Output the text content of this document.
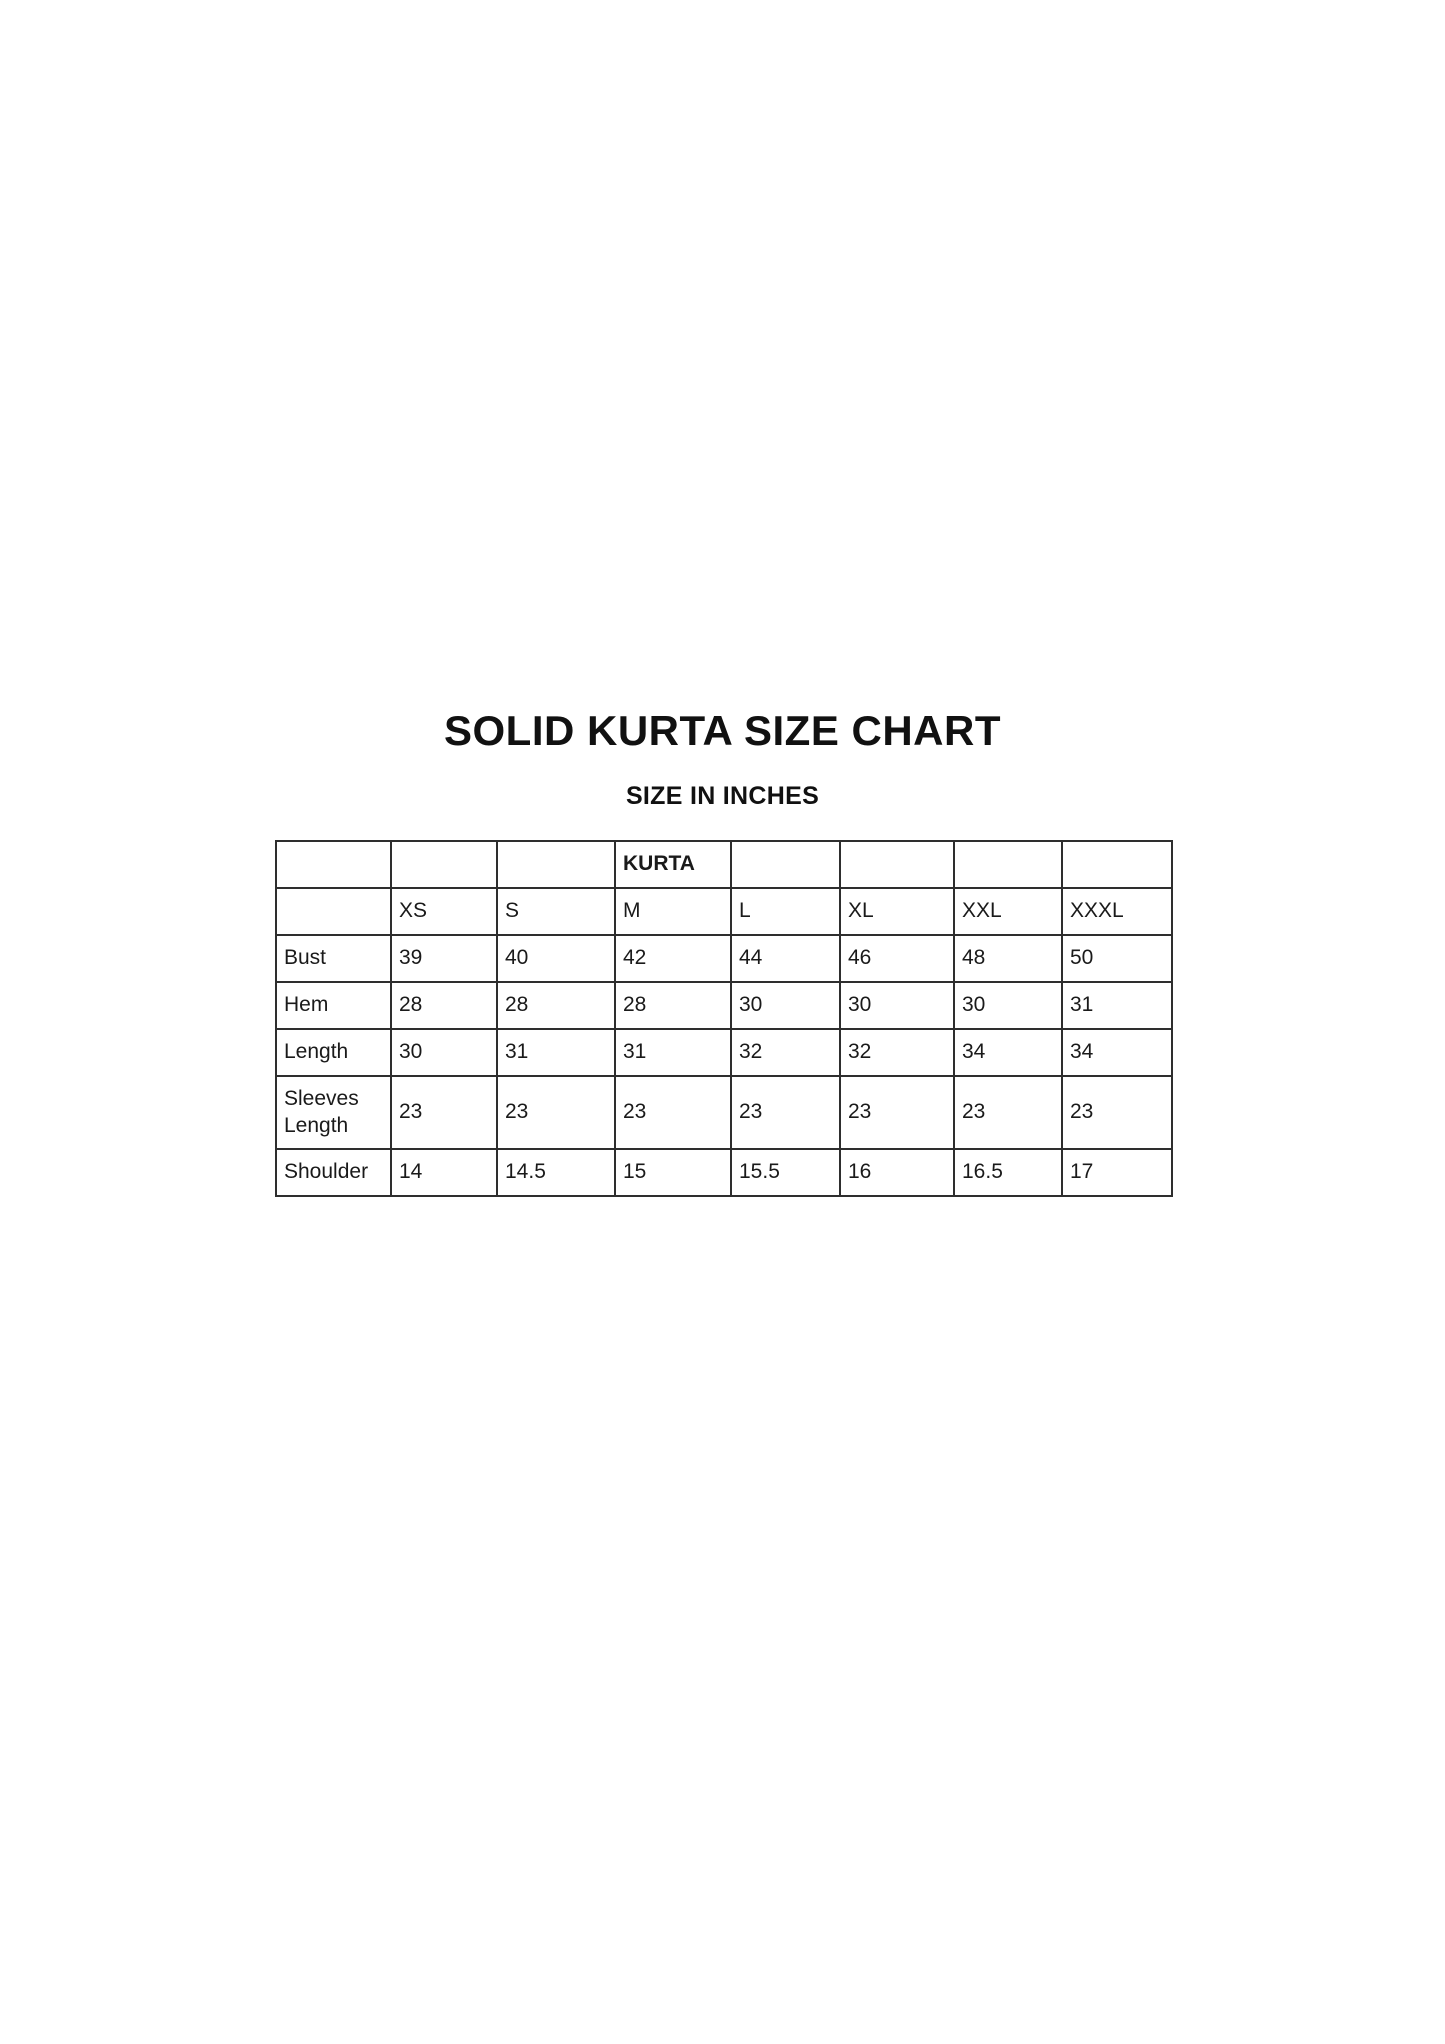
SOLID KURTA SIZE CHART
SIZE IN INCHES
			KURTA				
	XS	S	M	L	XL	XXL	XXXL
Bust	39	40	42	44	46	48	50
Hem	28	28	28	30	30	30	31
Length	30	31	31	32	32	34	34
Sleeves Length	23	23	23	23	23	23	23
Shoulder	14	14.5	15	15.5	16	16.5	17
